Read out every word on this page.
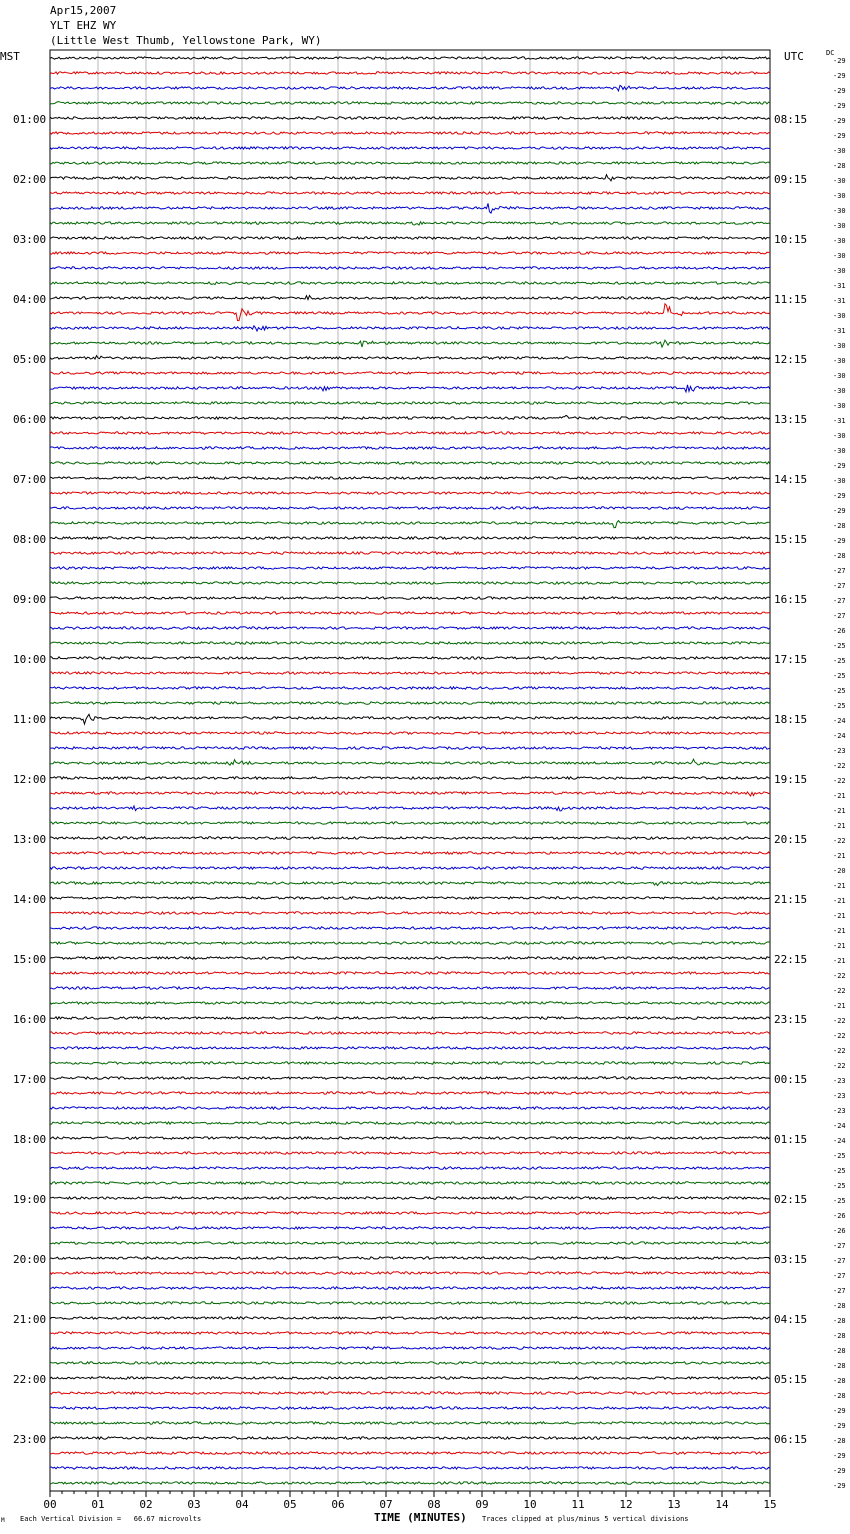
Apr15,2007
YLT EHZ WY
(Little West Thumb, Yellowstone Park, WY)
MST	UTC	DC
00	01	02	03	04	05	06	07	08	09	10	11	12	13	14	15
-29
-29
-29
-29
-29
01:00	08:15
-29
-30
-28
-30
02:00	09:15
-30
-30
-30
-30
03:00	10:15
-30
-30
-31
-31
04:00	11:15
-30
-31
-30
-30
05:00	12:15
-30
-30
-30
-31
06:00	13:15
-30
-30
-29
-30
07:00	14:15
-29
-29
-28
-29
08:00	15:15
-28
-27
-27
-27
09:00	16:15
-27
-26
-25
-25
10:00	17:15
-25
-25
-25
-24
11:00	18:15
-24
-23
-22
-22
12:00	19:15
-21
-21
-21
-22
13:00	20:15
-21
-20
-21
-21
14:00	21:15
-21
-21
-21
-21
15:00	22:15
-22
-22
-21
-22
16:00	23:15
-22
-22
-22
-23
17:00	00:15
-23
-23
-24
-24
18:00	01:15
-25
-25
-25
-25
19:00	02:15
-26
-26
-27
-27
20:00	03:15
-27
-27
-28
-28
21:00	04:15
-28
-28
-28
-28
22:00	05:15
-28
-29
-29
-28
23:00	06:15
-29
-29
-29
M Each Vertical Division =   66.67 microvolts	TIME (MINUTES) Traces clipped at plus/minus 5 vertical divisions
